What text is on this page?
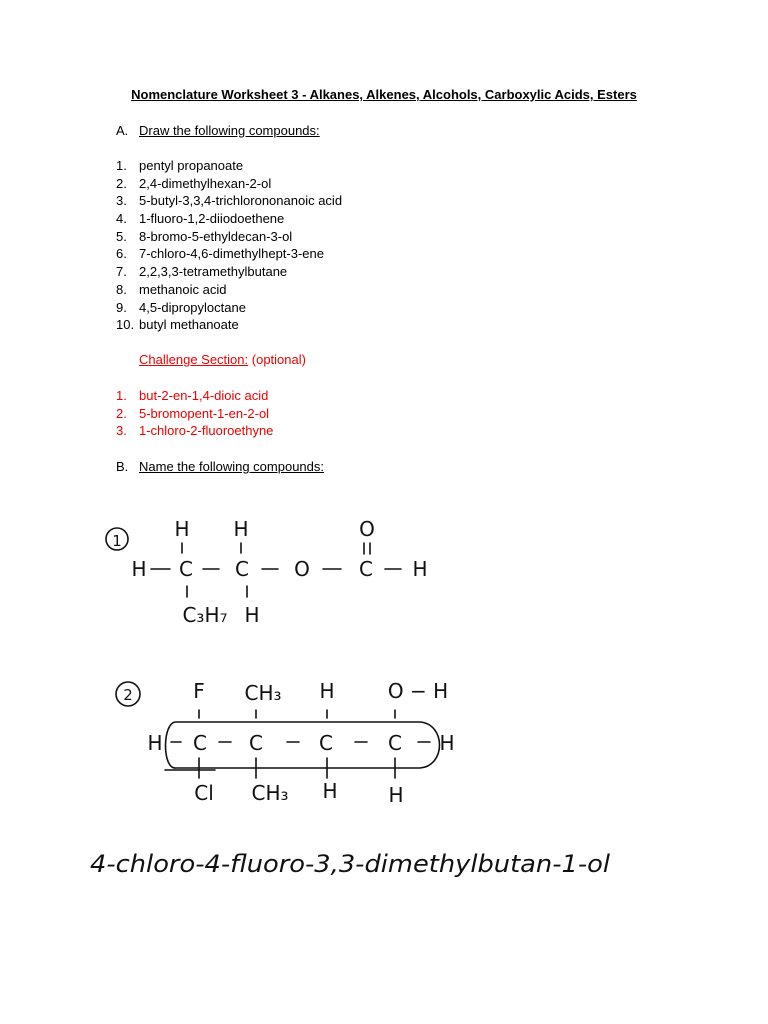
Nomenclature Worksheet 3 - Alkanes, Alkenes, Alcohols, Carboxylic Acids, Esters
A. Draw the following compounds:
1. pentyl propanoate
2. 2,4-dimethylhexan-2-ol
3. 5-butyl-3,3,4-trichlorononanoic acid
4. 1-fluoro-1,2-diiodoethene
5. 8-bromo-5-ethyldecan-3-ol
6. 7-chloro-4,6-dimethylhept-3-ene
7. 2,2,3,3-tetramethylbutane
8. methanoic acid
9. 4,5-dipropyloctane
10. butyl methanoate
Challenge Section: (optional)
1. but-2-en-1,4-dioic acid
2. 5-bromopent-1-en-2-ol
3. 1-chloro-2-fluoroethyne
B. Name the following compounds:
1	H H	O
H C C O C H
C₃H₇ H
2	F CH₃ H	O − H
H C C	C	C H
Cl CH₃ H	H
4-chloro-4-fluoro-3,3-dimethylbutan-1-ol
